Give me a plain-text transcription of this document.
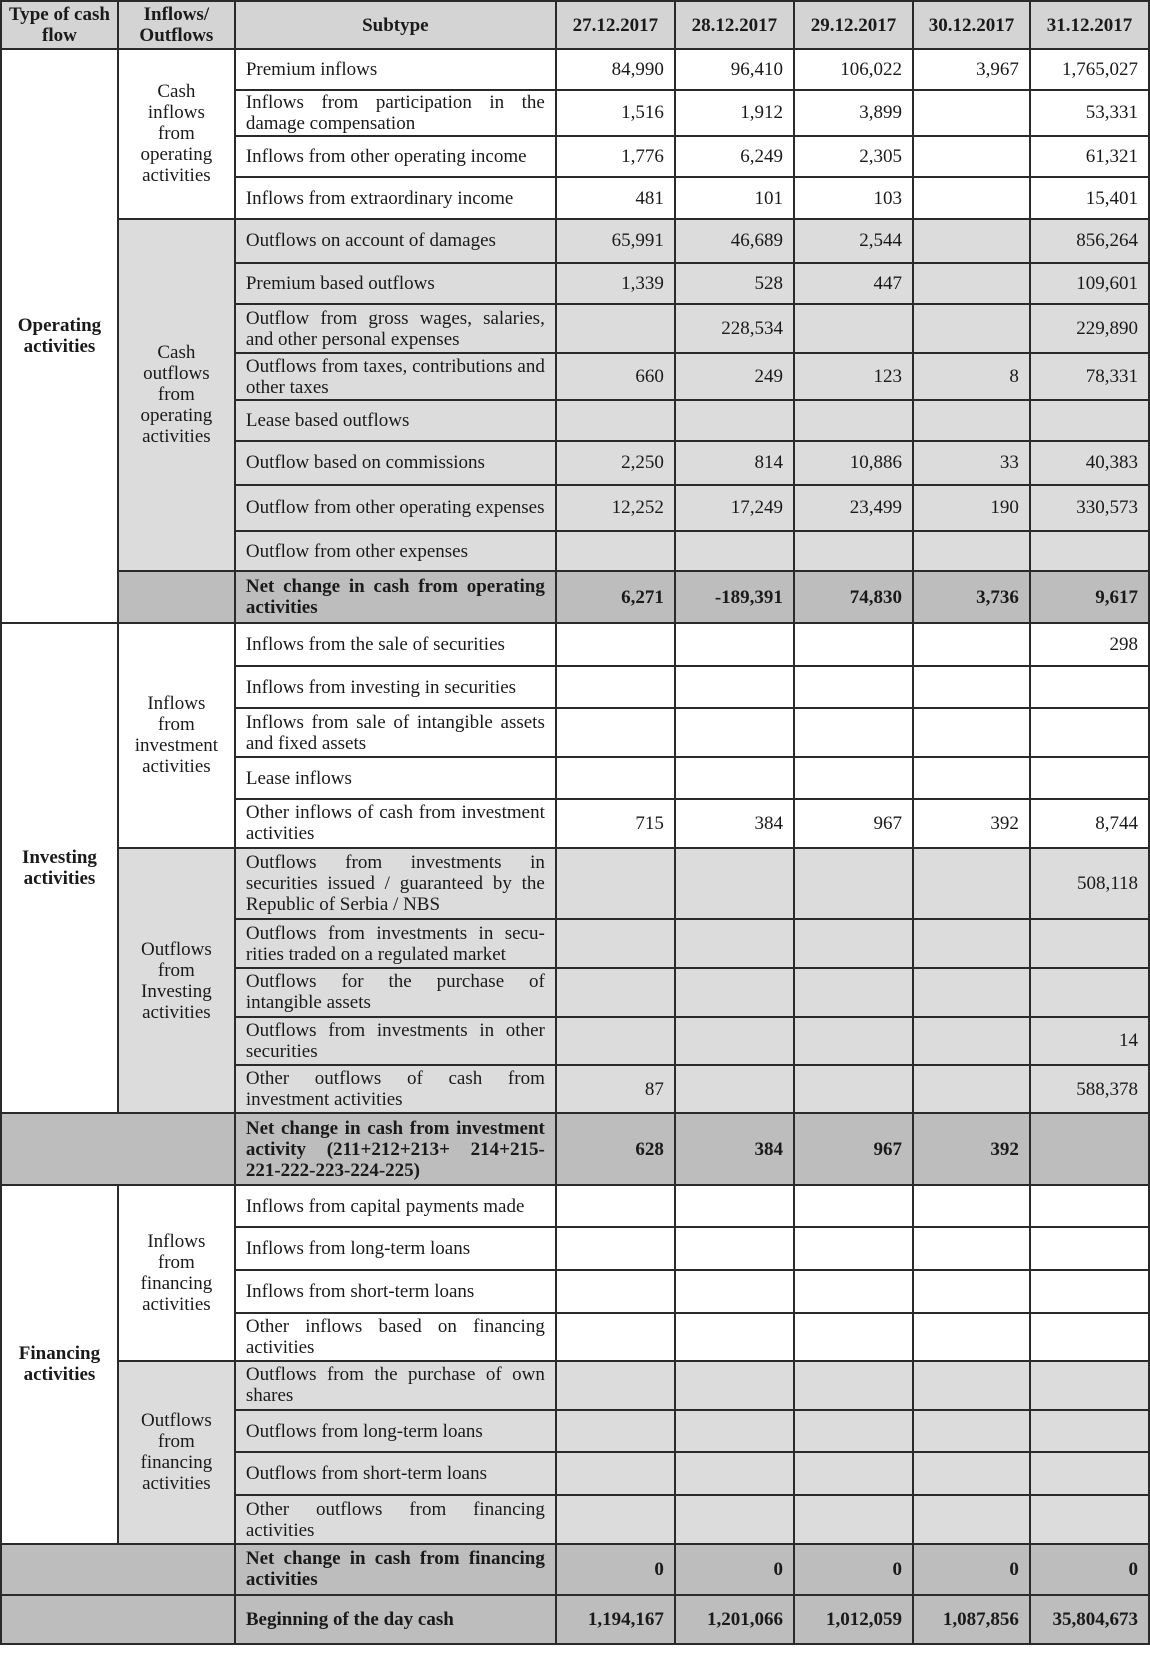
Type of cash flow	Inflows/ Outflows	Subtype	27.12.2017	28.12.2017	29.12.2017	30.12.2017	31.12.2017
Operating activities	Cash inflows from operating activities	Premium inflows	84,990	96,410	106,022	3,967	1,765,027
		Inflows from participation in the damage compensation	1,516	1,912	3,899		53,331
		Inflows from other operating income	1,776	6,249	2,305		61,321
		Inflows from extraordinary income	481	101	103		15,401
	Cash outflows from operating activities	Outflows on account of damages	65,991	46,689	2,544		856,264
		Premium based outflows	1,339	528	447		109,601
		Outflow from gross wages, salaries, and other personal expenses		228,534			229,890
		Outflows from taxes, contributions and other taxes	660	249	123	8	78,331
		Lease based outflows					
		Outflow based on commissions	2,250	814	10,886	33	40,383
		Outflow from other operating expenses	12,252	17,249	23,499	190	330,573
		Outflow from other expenses					
		Net change in cash from operating activities	6,271	-189,391	74,830	3,736	9,617
Investing activities	Inflows from investment activities	Inflows from the sale of securities					298
		Inflows from investing in securities					
		Inflows from sale of intangible assets and fixed assets					
		Lease inflows					
		Other inflows of cash from investment activities	715	384	967	392	8,744
	Outflows from Investing activities	Outflows from investments in securities issued / guaranteed by the Republic of Serbia / NBS					508,118
		Outflows from investments in secu-rities traded on a regulated market					
		Outflows for the purchase of intangible assets					
		Outflows from investments in other securities					14
		Other outflows of cash from investment activities	87				588,378
		Net change in cash from investment activity (211+212+213+ 214+215-221-222-223-224-225)	628	384	967	392	
Financing activities	Inflows from financing activities	Inflows from capital payments made					
		Inflows from long-term loans					
		Inflows from short-term loans					
		Other inflows based on financing activities					
	Outflows from financing activities	Outflows from the purchase of own shares					
		Outflows from long-term loans					
		Outflows from short-term loans					
		Other outflows from financing activities					
		Net change in cash from financing activities	0	0	0	0	0
		Beginning of the day cash	1,194,167	1,201,066	1,012,059	1,087,856	35,804,673
